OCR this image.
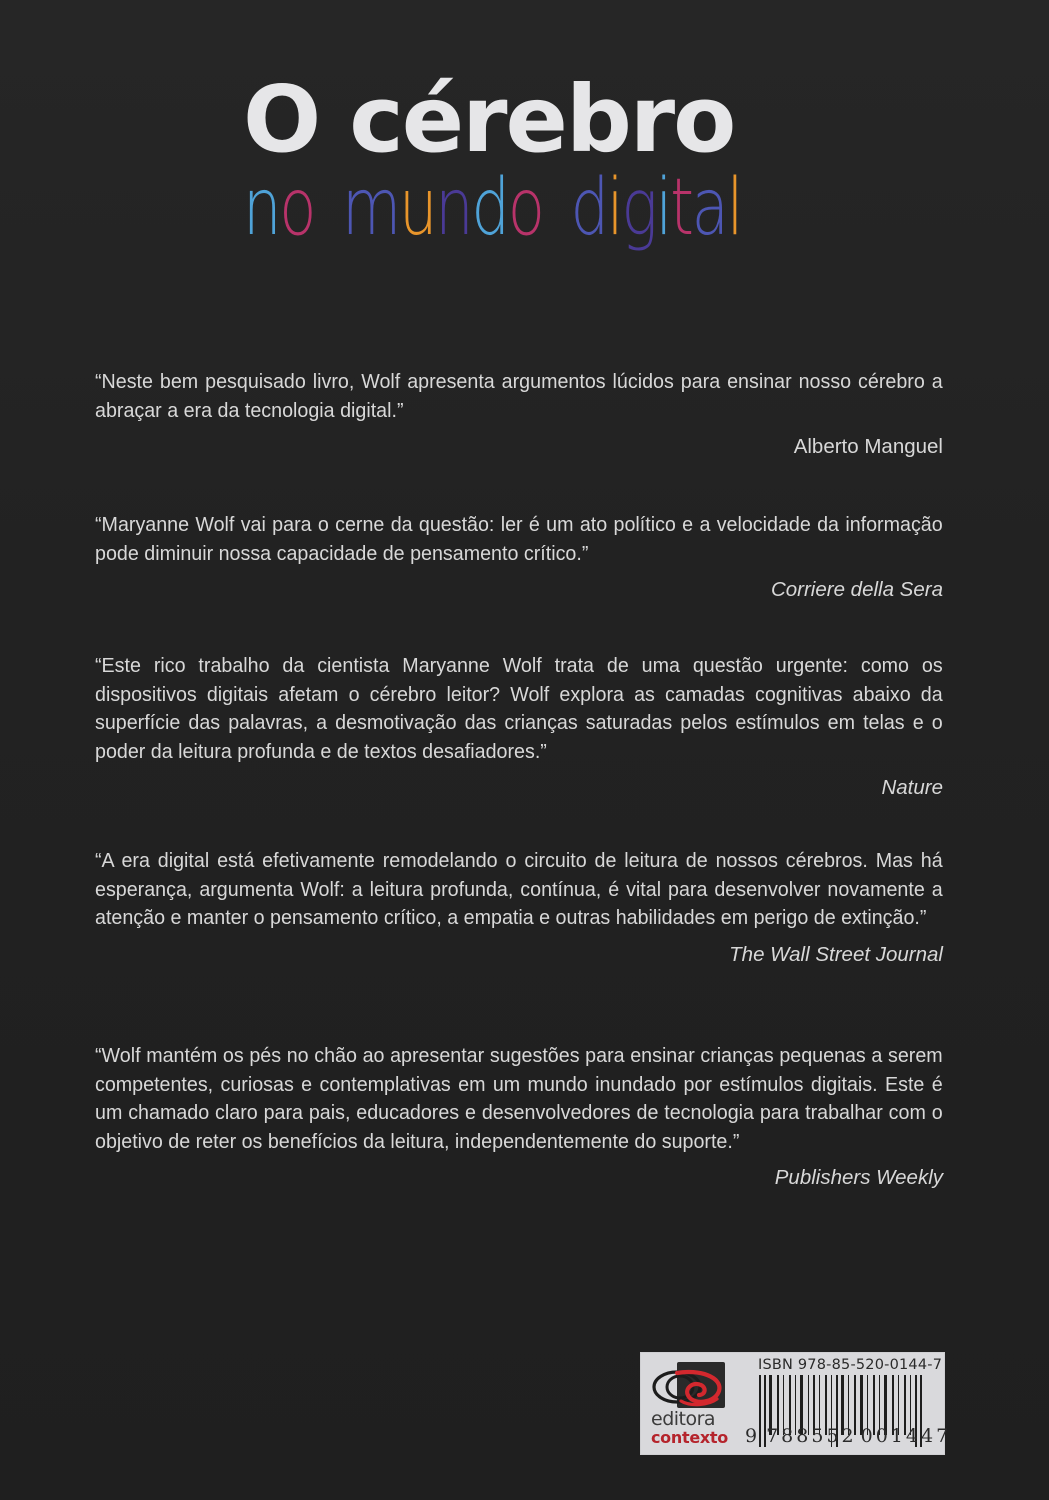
O cérebro
no mundo digital

“Neste bem pesquisado livro, Wolf apresenta argumentos lúcidos para ensinar nosso cérebro a abraçar a era da tecnologia digital.”

Alberto Manguel

“Maryanne Wolf vai para o cerne da questão: ler é um ato político e a velocidade da informação pode diminuir nossa capacidade de pensamento crítico.”

Corriere della Sera

“Este rico trabalho da cientista Maryanne Wolf trata de uma questão urgente: como os dispositivos digitais afetam o cérebro leitor? Wolf explora as camadas cognitivas abaixo da superfície das palavras, a desmotivação das crianças saturadas pelos estímulos em telas e o poder da leitura profunda e de textos desafiadores.”

Nature

“A era digital está efetivamente remodelando o circuito de leitura de nossos cérebros. Mas há esperança, argumenta Wolf: a leitura profunda, contínua, é vital para desenvolver novamente a atenção e manter o pensamento crítico, a empatia e outras habilidades em perigo de extinção.”

The Wall Street Journal

“Wolf mantém os pés no chão ao apresentar sugestões para ensinar crianças pequenas a serem competentes, curiosas e contemplativas em um mundo inundado por estímulos digitais. Este é um chamado claro para pais, educadores e desenvolvedores de tecnologia para trabalhar com o objetivo de reter os benefícios da leitura, independentemente do suporte.”

Publishers Weekly

editora
contexto
ISBN 978-85-520-0144-7
9 788552 001447
